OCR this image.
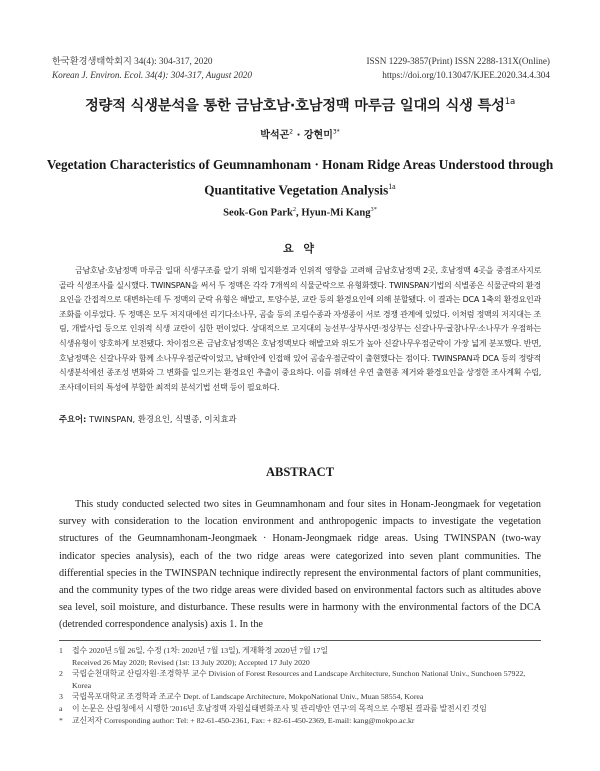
한국환경생태학회지 34(4): 304-317, 2020
Korean J. Environ. Ecol. 34(4): 304-317, August 2020
ISSN 1229-3857(Print) ISSN 2288-131X(Online)
https://doi.org/10.13047/KJEE.2020.34.4.304
정량적 식생분석을 통한 금남호남·호남정맥 마루금 일대의 식생 특성$^{1a}$
박석곤$^2$ · 강현미$^{3*}$
Vegetation Characteristics of Geumnamhonam · Honam Ridge Areas Understood through
Quantitative Vegetation Analysis$^{1a}$
Seok-Gon Park$^2$, Hyun-Mi Kang$^{3*}$
요 약

금남호남·호남정맥 마루금 일대 식생구조를 알기 위해 입지환경과 인위적 영향을 고려해 금남호남정맥 2곳, 호남정맥 4곳을 중점조사지로 골라 식생조사를 실시했다. TWINSPAN을 써서 두 정맥은 각각 7개씩의 식물군락으로 유형화했다. TWINSPAN기법의 식별종은 식물군락의 환경요인을 간접적으로 대변하는데 두 정맥의 군락 유형은 해발고, 토양수분, 교란 등의 환경요인에 의해 분할됐다. 이 결과는 DCA 1축의 환경요인과 조화를 이루었다. 두 정맥은 모두 저지대에선 리기다소나무, 곰솔 등의 조림수종과 자생종이 서로 경쟁 관계에 있었다. 이처럼 정맥의 저지대는 조림, 개발사업 등으로 인위적 식생 교란이 심한 편이었다. 상대적으로 고지대의 능선부·상부사면·정상부는 신갈나무·굴참나무·소나무가 우점하는 식생유형이 양호하게 보전됐다. 차이점으론 금남호남정맥은 호남정맥보다 해발고와 위도가 높아 신갈나무우점군락이 가장 넓게 분포했다. 반면, 호남정맥은 신갈나무와 함께 소나무우점군락이었고, 남해안에 인접해 있어 곰솔우점군락이 출현했다는 점이다. TWINSPAN과 DCA 등의 정량적 식생분석에선 종조성 변화와 그 변화를 일으키는 환경요인 추출이 중요하다. 이를 위해선 우연 출현종 제거와 환경요인을 상정한 조사계획 수립, 조사데이터의 특성에 부합한 최적의 분석기법 선택 등이 필요하다.

주요어: TWINSPAN, 환경요인, 식별종, 이치효과
ABSTRACT

This study conducted selected two sites in Geumnamhonam and four sites in Honam-Jeongmaek for vegetation survey with consideration to the location environment and anthropogenic impacts to investigate the vegetation structures of the Geumnamhonam-Jeongmaek · Honam-Jeongmaek ridge areas. Using TWINSPAN (two-way indicator species analysis), each of the two ridge areas were categorized into seven plant communities. The differential species in the TWINSPAN technique indirectly represent the environmental factors of plant communities, and the community types of the two ridge areas were divided based on environmental factors such as altitudes above sea level, soil moisture, and disturbance. These results were in harmony with the environmental factors of the DCA (detrended correspondence analysis) axis 1. In the

1	접수 2020년 5월 26일, 수정 (1차: 2020년 7월 13일), 게재확정 2020년 7월 17일
Received 26 May 2020; Revised (1st: 13 July 2020); Accepted 17 July 2020
2	국립순천대학교 산림자원·조경학부 교수 Division of Forest Resources and Landscape Architecture, Sunchon National Univ., Sunchoen 57922, Korea
3	국립목포대학교 조경학과 조교수 Dept. of Landscape Architecture, MokpoNational Univ., Muan 58554, Korea
a	이 논문은 산림청에서 시행한 '2016년 호남정맥 자원실태변화조사 및 관리방안 연구'의 목적으로 수행된 결과를 발전시킨 것임
*	교신저자 Corresponding author: Tel: + 82-61-450-2361, Fax: + 82-61-450-2369, E-mail: kang@mokpo.ac.kr
